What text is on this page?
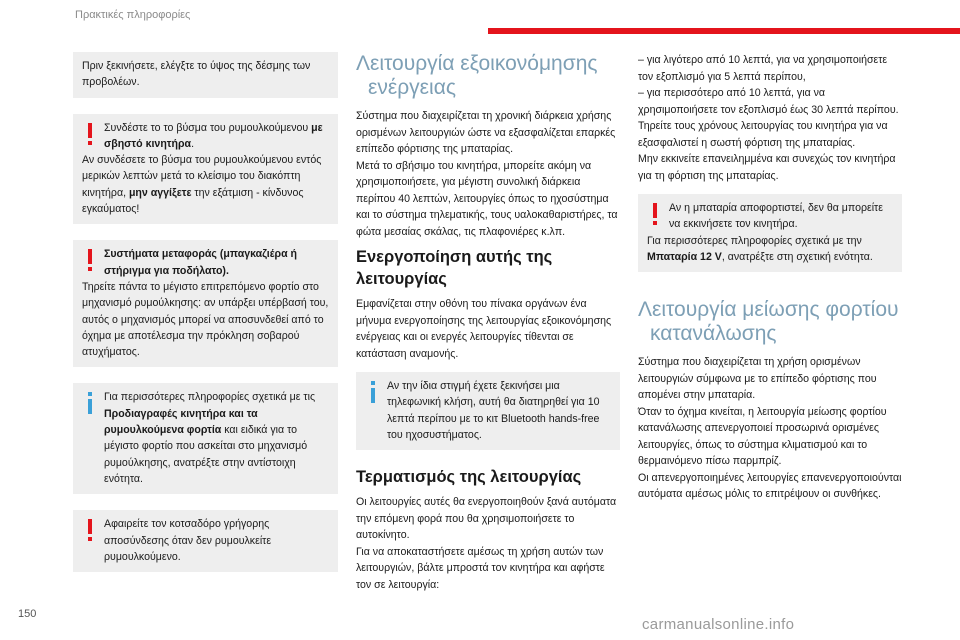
Πρακτικές πληροφορίες
Πριν ξεκινήσετε, ελέγξτε το ύψος της δέσμης των προβολέων.
Συνδέστε το το βύσμα του ρυμουλκούμενου με σβηστό κινητήρα.
Αν συνδέσετε το βύσμα του ρυμουλκούμενου εντός μερικών λεπτών μετά το κλείσιμο του διακόπτη κινητήρα, μην αγγίξετε την εξάτμιση - κίνδυνος εγκαύματος!
Συστήματα μεταφοράς (μπαγκαζιέρα ή στήριγμα για ποδήλατο).
Τηρείτε πάντα το μέγιστο επιτρεπόμενο φορτίο στο μηχανισμό ρυμούλκησης: αν υπάρξει υπέρβασή του, αυτός ο μηχανισμός μπορεί να αποσυνδεθεί από το όχημα με αποτέλεσμα την πρόκληση σοβαρού ατυχήματος.
Για περισσότερες πληροφορίες σχετικά με τις Προδιαγραφές κινητήρα και τα ρυμουλκούμενα φορτία και ειδικά για το μέγιστο φορτίο που ασκείται στο μηχανισμό ρυμούλκησης, ανατρέξτε στην αντίστοιχη ενότητα.
Αφαιρείτε τον κοτσαδόρο γρήγορης αποσύνδεσης όταν δεν ρυμουλκείτε ρυμουλκούμενο.
Λειτουργία εξοικονόμησης
ενέργειας

Σύστημα που διαχειρίζεται τη χρονική διάρκεια χρήσης ορισμένων λειτουργιών ώστε να εξασφαλίζεται επαρκές επίπεδο φόρτισης της μπαταρίας.

Μετά το σβήσιμο του κινητήρα, μπορείτε ακόμη να χρησιμοποιήσετε, για μέγιστη συνολική διάρκεια περίπου 40 λεπτών, λειτουργίες όπως το ηχοσύστημα και το σύστημα τηλεματικής, τους υαλοκαθαριστήρες, τα φώτα μεσαίας σκάλας, τις πλαφονιέρες κ.λπ.

Ενεργοποίηση αυτής της λειτουργίας

Εμφανίζεται στην οθόνη του πίνακα οργάνων ένα μήνυμα ενεργοποίησης της λειτουργίας εξοικονόμησης ενέργειας και οι ενεργές λειτουργίες τίθενται σε κατάσταση αναμονής.

Αν την ίδια στιγμή έχετε ξεκινήσει μια τηλεφωνική κλήση, αυτή θα διατηρηθεί για 10 λεπτά περίπου με το κιτ Bluetooth hands-free του ηχοσυστήματος.
Τερματισμός της λειτουργίας

Οι λειτουργίες αυτές θα ενεργοποιηθούν ξανά αυτόματα την επόμενη φορά που θα χρησιμοποιήσετε το αυτοκίνητο.

Για να αποκαταστήσετε αμέσως τη χρήση αυτών των λειτουργιών, βάλτε μπροστά τον κινητήρα και αφήστε τον σε λειτουργία:

– για λιγότερο από 10 λεπτά, για να χρησιμοποιήσετε τον εξοπλισμό για 5 λεπτά περίπου,

– για περισσότερο από 10 λεπτά, για να χρησιμοποιήσετε τον εξοπλισμό έως 30 λεπτά περίπου.

Τηρείτε τους χρόνους λειτουργίας του κινητήρα για να εξασφαλιστεί η σωστή φόρτιση της μπαταρίας.

Μην εκκινείτε επανειλημμένα και συνεχώς τον κινητήρα για τη φόρτιση της μπαταρίας.

Αν η μπαταρία αποφορτιστεί, δεν θα μπορείτε να εκκινήσετε τον κινητήρα.
Για περισσότερες πληροφορίες σχετικά με την Μπαταρία 12 V, ανατρέξτε στη σχετική ενότητα.
Λειτουργία μείωσης φορτίου
κατανάλωσης

Σύστημα που διαχειρίζεται τη χρήση ορισμένων λειτουργιών σύμφωνα με το επίπεδο φόρτισης που απομένει στην μπαταρία.

Όταν το όχημα κινείται, η λειτουργία μείωσης φορτίου κατανάλωσης απενεργοποιεί προσωρινά ορισμένες λειτουργίες, όπως το σύστημα κλιματισμού και το θερμαινόμενο πίσω παρμπρίζ.

Οι απενεργοποιημένες λειτουργίες επανενεργοποιούνται αυτόματα αμέσως μόλις το επιτρέψουν οι συνθήκες.

150
carmanualsonline.info
